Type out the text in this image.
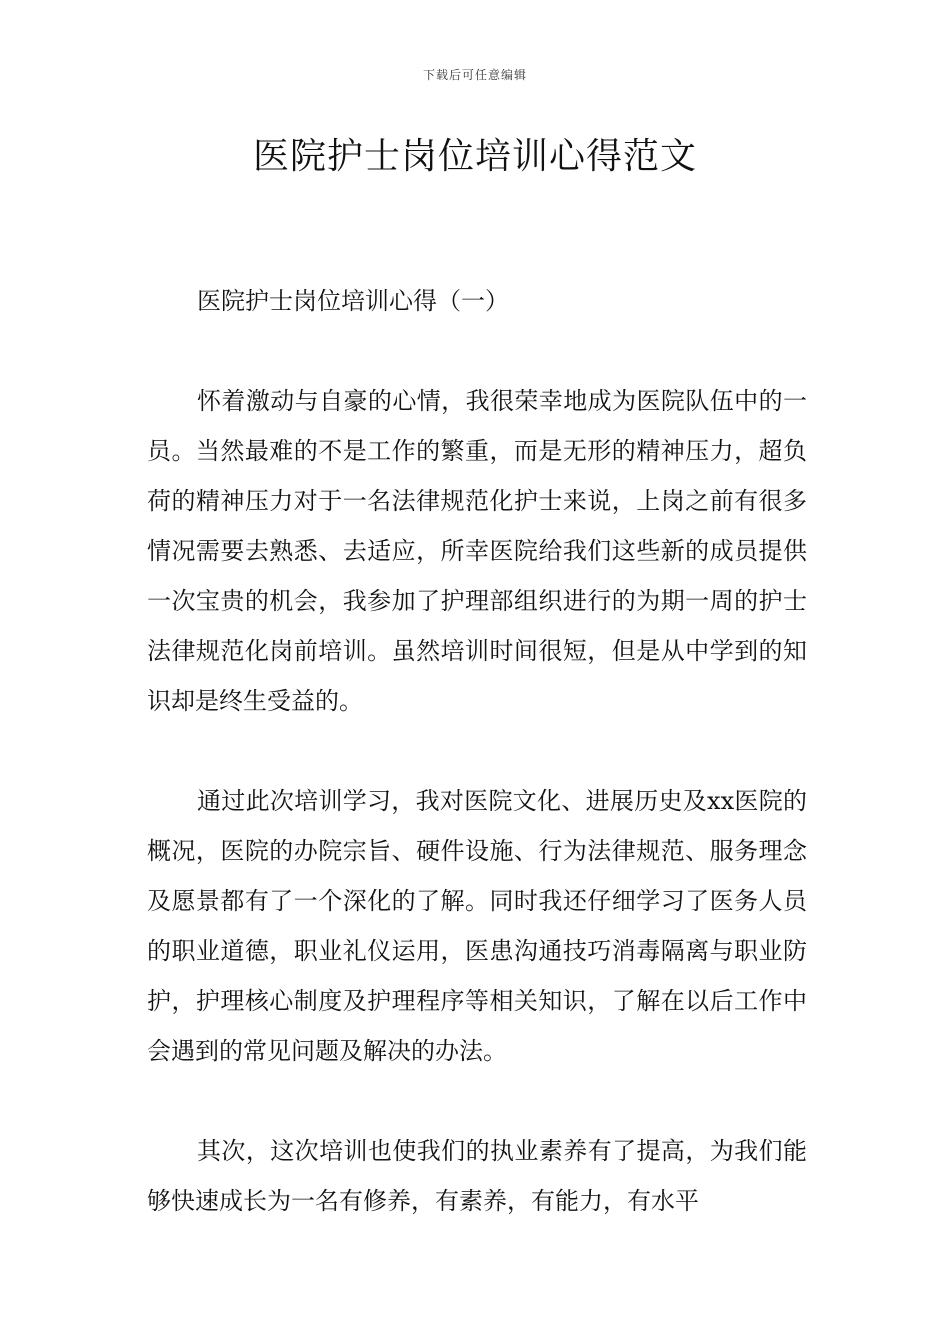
下载后可任意编辑
医院护士岗位培训心得范文

医院护士岗位培训心得（一）

怀着激动与自豪的心情，我很荣幸地成为医院队伍中的一员。当然最难的不是工作的繁重，而是无形的精神压力，超负荷的精神压力对于一名法律规范化护士来说，上岗之前有很多情况需要去熟悉、去适应，所幸医院给我们这些新的成员提供一次宝贵的机会，我参加了护理部组织进行的为期一周的护士法律规范化岗前培训。虽然培训时间很短，但是从中学到的知识却是终生受益的。

通过此次培训学习，我对医院文化、进展历史及xx医院的概况，医院的办院宗旨、硬件设施、行为法律规范、服务理念及愿景都有了一个深化的了解。同时我还仔细学习了医务人员的职业道德，职业礼仪运用，医患沟通技巧消毒隔离与职业防护，护理核心制度及护理程序等相关知识，了解在以后工作中会遇到的常见问题及解决的办法。

其次，这次培训也使我们的执业素养有了提高，为我们能够快速成长为一名有修养，有素养，有能力，有水平
